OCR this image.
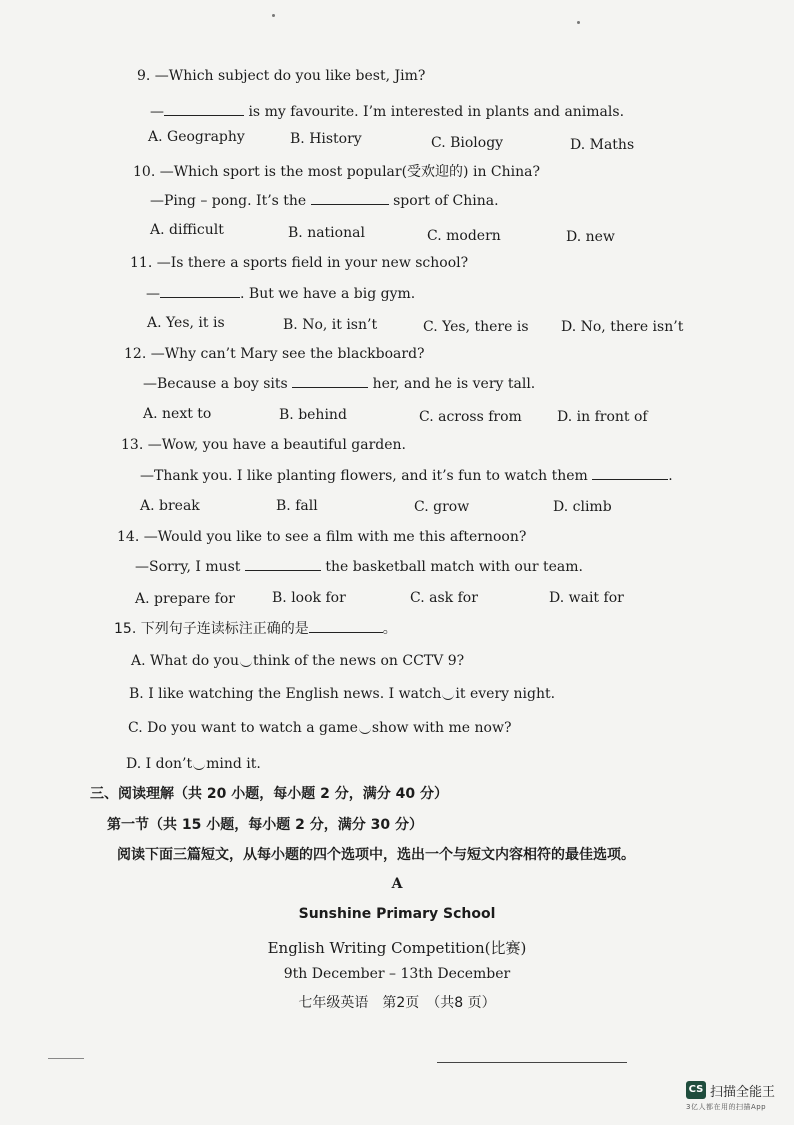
9. —Which subject do you like best, Jim?
—	is my favourite. I’m interested in plants and animals.
A. Geography	B. History	C. Biology	D. Maths
10. —Which sport is the most popular(受欢迎的) in China?
—Ping – pong. It’s the	sport of China.
A. difficult	B. national	C. modern	D. new
11. —Is there a sports field in your new school?
—	. But we have a big gym.
A. Yes, it is	B. No, it isn’t	C. Yes, there is D. No, there isn’t
12. —Why can’t Mary see the blackboard?
—Because a boy sits	her, and he is very tall.
A. next to	B. behind	C. across from	D. in front of
13. —Wow, you have a beautiful garden.
—Thank you. I like planting flowers, and it’s fun to watch them	.
A. break	B. fall	C. grow	D. climb
14. —Would you like to see a film with me this afternoon?
—Sorry, I must	the basketball match with our team.
A. prepare for	B. look for	C. ask for	D. wait for
15. 下列句子连读标注正确的是	。
A. What do you think of the news on CCTV 9?
B. I like watching the English news. I watch it every night.
C. Do you want to watch a game show with me now?
D. I don’t mind it.
三、阅读理解（共 20 小题，每小题 2 分，满分 40 分）
第一节（共 15 小题，每小题 2 分，满分 30 分）
阅读下面三篇短文，从每小题的四个选项中，选出一个与短文内容相符的最佳选项。
A
Sunshine Primary School
English Writing Competition(比赛)
9th December – 13th December
七年级英语　第2页　（共8 页）
CS 扫描全能王
3亿人都在用的扫描App
